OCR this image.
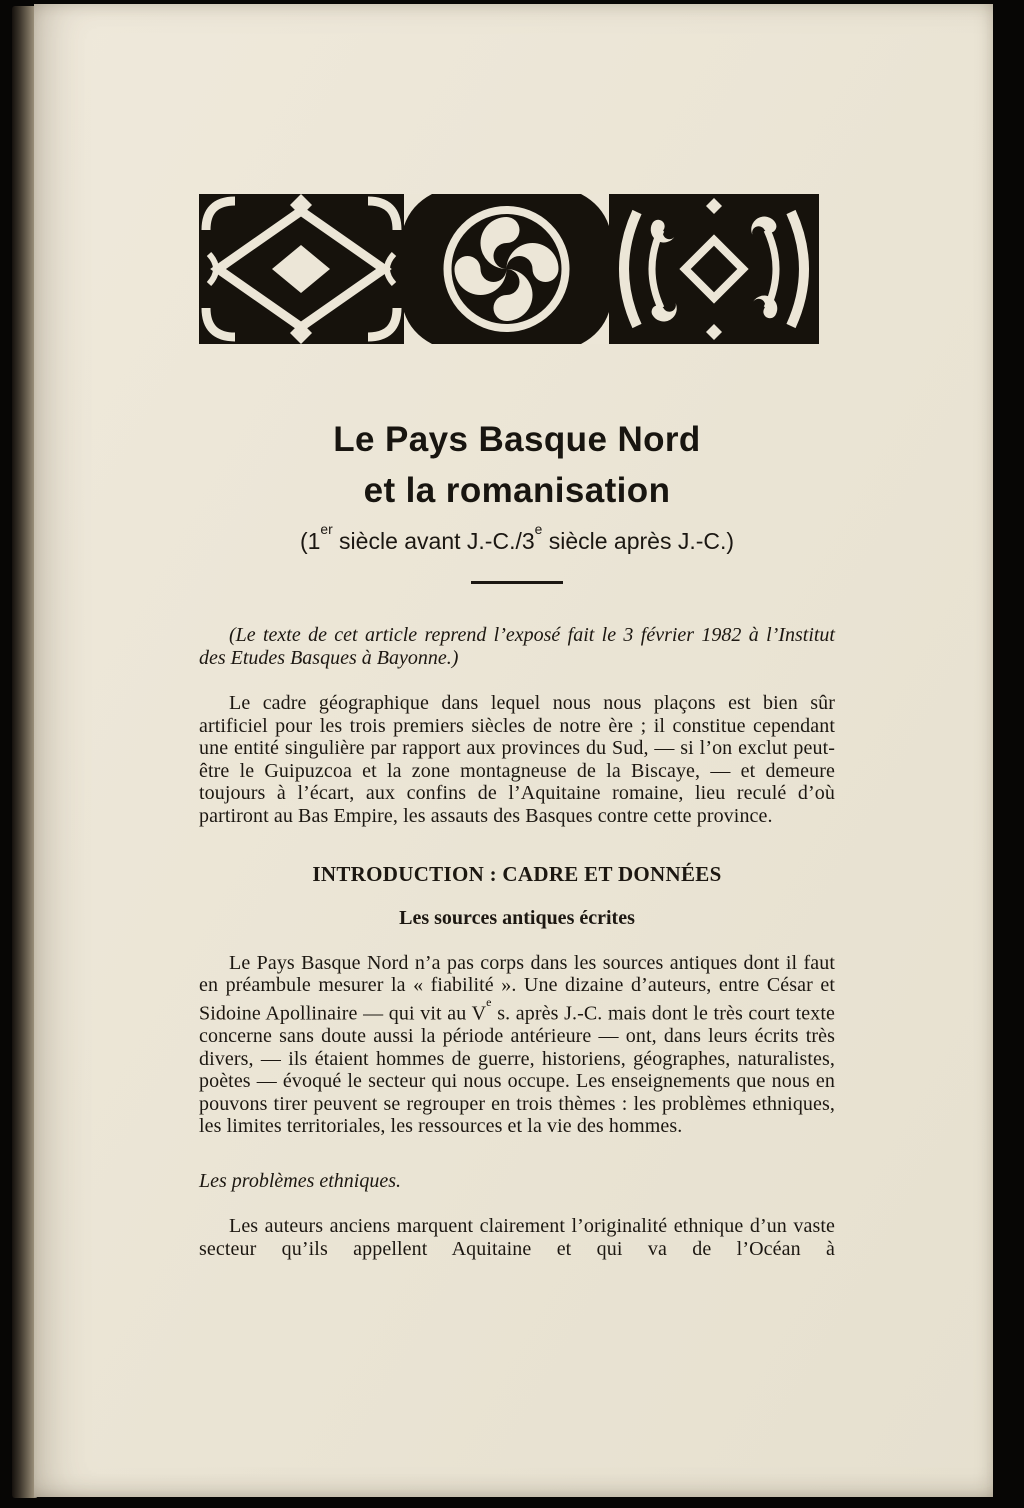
Le Pays Basque Nord
et la romanisation
(1er siècle avant J.-C./3e siècle après J.-C.)

(Le texte de cet article reprend l’exposé fait le 3 février 1982 à l’Institut des Etudes Basques à Bayonne.)

Le cadre géographique dans lequel nous nous plaçons est bien sûr artificiel pour les trois premiers siècles de notre ère ; il constitue cependant une entité singulière par rapport aux provinces du Sud, — si l’on exclut peut-être le Guipuzcoa et la zone montagneuse de la Biscaye, — et demeure toujours à l’écart, aux confins de l’Aquitaine romaine, lieu reculé d’où partiront au Bas Empire, les assauts des Basques contre cette province.

INTRODUCTION : CADRE ET DONNÉES
Les sources antiques écrites

Le Pays Basque Nord n’a pas corps dans les sources antiques dont il faut en préambule mesurer la « fiabilité ». Une dizaine d’auteurs, entre César et Sidoine Apollinaire — qui vit au Ve s. après J.-C. mais dont le très court texte concerne sans doute aussi la période antérieure — ont, dans leurs écrits très divers, — ils étaient hommes de guerre, historiens, géographes, naturalistes, poètes — évoqué le secteur qui nous occupe. Les enseignements que nous en pouvons tirer peuvent se regrouper en trois thèmes : les problèmes ethniques, les limites territoriales, les ressources et la vie des hommes.

Les problèmes ethniques.

Les auteurs anciens marquent clairement l’originalité ethnique d’un vaste secteur qu’ils appellent Aquitaine et qui va de l’Océan à
